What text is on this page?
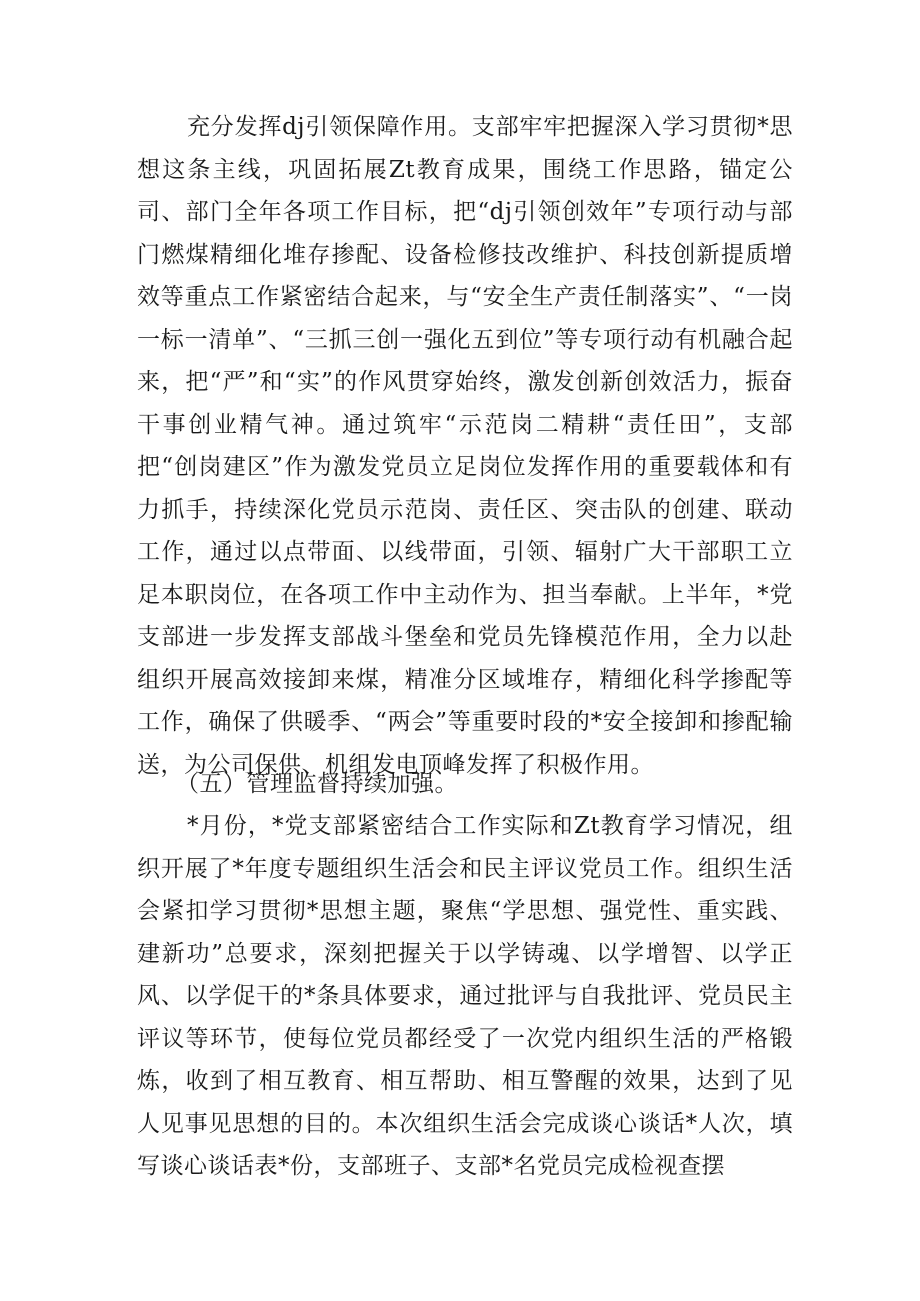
充分发挥dj引领保障作用。支部牢牢把握深入学习贯彻*思想这条主线，巩固拓展Zt教育成果，围绕工作思路，锚定公司、部门全年各项工作目标，把“dj引领创效年”专项行动与部门燃煤精细化堆存掺配、设备检修技改维护、科技创新提质增效等重点工作紧密结合起来，与“安全生产责任制落实”、“一岗一标一清单”、“三抓三创一强化五到位”等专项行动有机融合起来，把“严”和“实”的作风贯穿始终，激发创新创效活力，振奋干事创业精气神。通过筑牢“示范岗二精耕“责任田”，支部把“创岗建区”作为激发党员立足岗位发挥作用的重要载体和有力抓手，持续深化党员示范岗、责任区、突击队的创建、联动工作，通过以点带面、以线带面，引领、辐射广大干部职工立足本职岗位，在各项工作中主动作为、担当奉献。上半年，*党支部进一步发挥支部战斗堡垒和党员先锋模范作用，全力以赴组织开展高效接卸来煤，精准分区域堆存，精细化科学掺配等工作，确保了供暖季、“两会”等重要时段的*安全接卸和掺配输送，为公司保供、机组发电顶峰发挥了积极作用。

（五）管理监督持续加强。

*月份，*党支部紧密结合工作实际和Zt教育学习情况，组织开展了*年度专题组织生活会和民主评议党员工作。组织生活会紧扣学习贯彻*思想主题，聚焦“学思想、强党性、重实践、建新功”总要求，深刻把握关于以学铸魂、以学增智、以学正风、以学促干的*条具体要求，通过批评与自我批评、党员民主评议等环节，使每位党员都经受了一次党内组织生活的严格锻炼，收到了相互教育、相互帮助、相互警醒的效果，达到了见人见事见思想的目的。本次组织生活会完成谈心谈话*人次，填写谈心谈话表*份，支部班子、支部*名党员完成检视查摆
